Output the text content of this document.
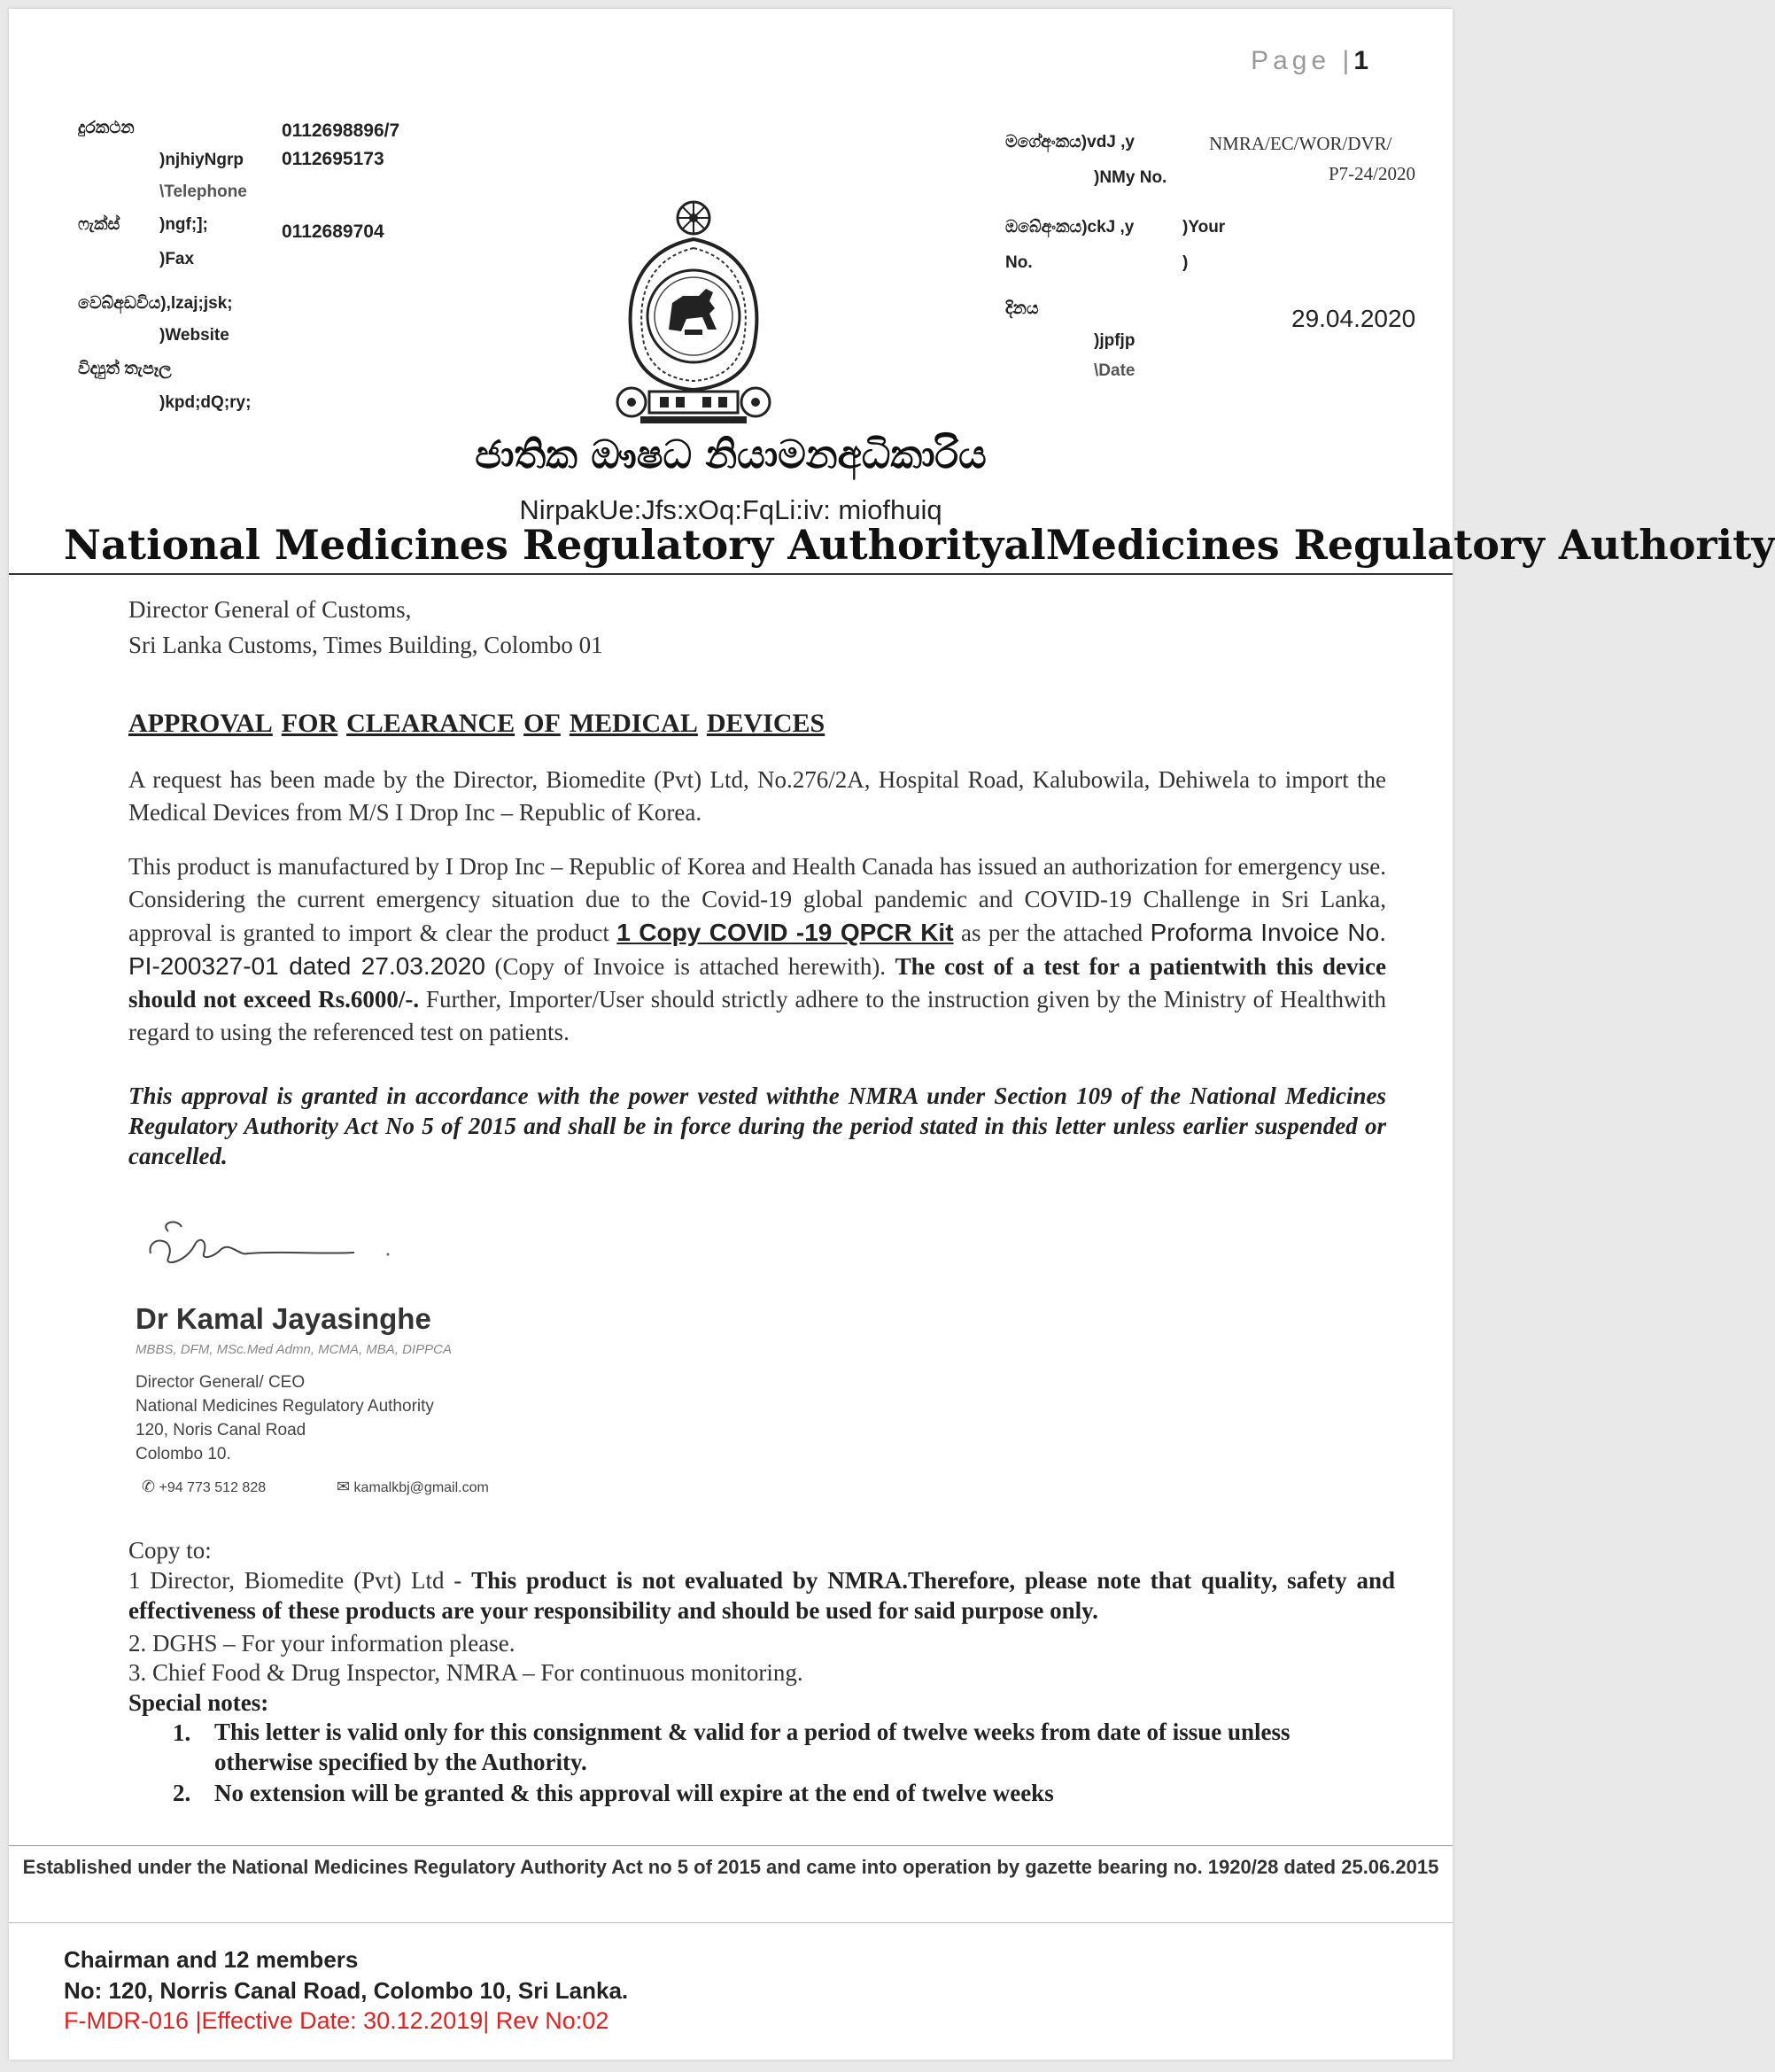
Page |1
දුරකථන	0112698896/7
)njhiyNgrp 0112695173
\Telephone
ෆැක්ස් )ngf;];	0112689704
)Fax
වෙබ්අඩවිය),lzaj;jsk;
)Website
විද්‍යුත් තැපෑල
)kpd;dQ;ry;
මගේඅංකය)vdJ ,y	NMRA/EC/WOR/DVR/
)NMy No.	P7-24/2020
ඔබේඅංකය)ckJ ,y	)Your
No.	)
දිනය	29.04.2020
)jpfjp
\Date
ජාතික ඖෂධ නියාමනඅධිකාරිය
NirpakUe:Jfs:xOq:FqLi:iv: miofhuiq
National Medicines Regulatory AuthorityalMedicines Regulatory Authority
Director General of Customs,
Sri Lanka Customs, Times Building, Colombo 01
APPROVAL FOR CLEARANCE OF MEDICAL DEVICES
A request has been made by the Director, Biomedite (Pvt) Ltd, No.276/2A, Hospital Road, Kalubowila, Dehiwela to import the Medical Devices from M/S I Drop Inc – Republic of Korea.
This product is manufactured by I Drop Inc – Republic of Korea and Health Canada has issued an authorization for emergency use. Considering the current emergency situation due to the Covid-19 global pandemic and COVID-19 Challenge in Sri Lanka, approval is granted to import & clear the product 1 Copy COVID -19 QPCR Kit as per the attached Proforma Invoice No. PI-200327-01 dated 27.03.2020 (Copy of Invoice is attached herewith). The cost of a test for a patientwith this device should not exceed Rs.6000/-. Further, Importer/User should strictly adhere to the instruction given by the Ministry of Healthwith regard to using the referenced test on patients.
This approval is granted in accordance with the power vested withthe NMRA under Section 109 of the National Medicines Regulatory Authority Act No 5 of 2015 and shall be in force during the period stated in this letter unless earlier suspended or cancelled.
Dr Kamal Jayasinghe
MBBS, DFM, MSc.Med Admn, MCMA, MBA, DIPPCA
Director General/ CEO
National Medicines Regulatory Authority
120, Noris Canal Road
Colombo 10.
✆ +94 773 512 828	✉ kamalkbj@gmail.com
Copy to:
1 Director, Biomedite (Pvt) Ltd - This product is not evaluated by NMRA.Therefore, please note that quality, safety and effectiveness of these products are your responsibility and should be used for said purpose only.
2. DGHS – For your information please.
3. Chief Food & Drug Inspector, NMRA – For continuous monitoring.
Special notes:
1. This letter is valid only for this consignment & valid for a period of twelve weeks from date of issue unless otherwise specified by the Authority.
2. No extension will be granted & this approval will expire at the end of twelve weeks
Established under the National Medicines Regulatory Authority Act no 5 of 2015 and came into operation by gazette bearing no. 1920/28 dated 25.06.2015
Chairman and 12 members
No: 120, Norris Canal Road, Colombo 10, Sri Lanka.
F-MDR-016 |Effective Date: 30.12.2019| Rev No:02
